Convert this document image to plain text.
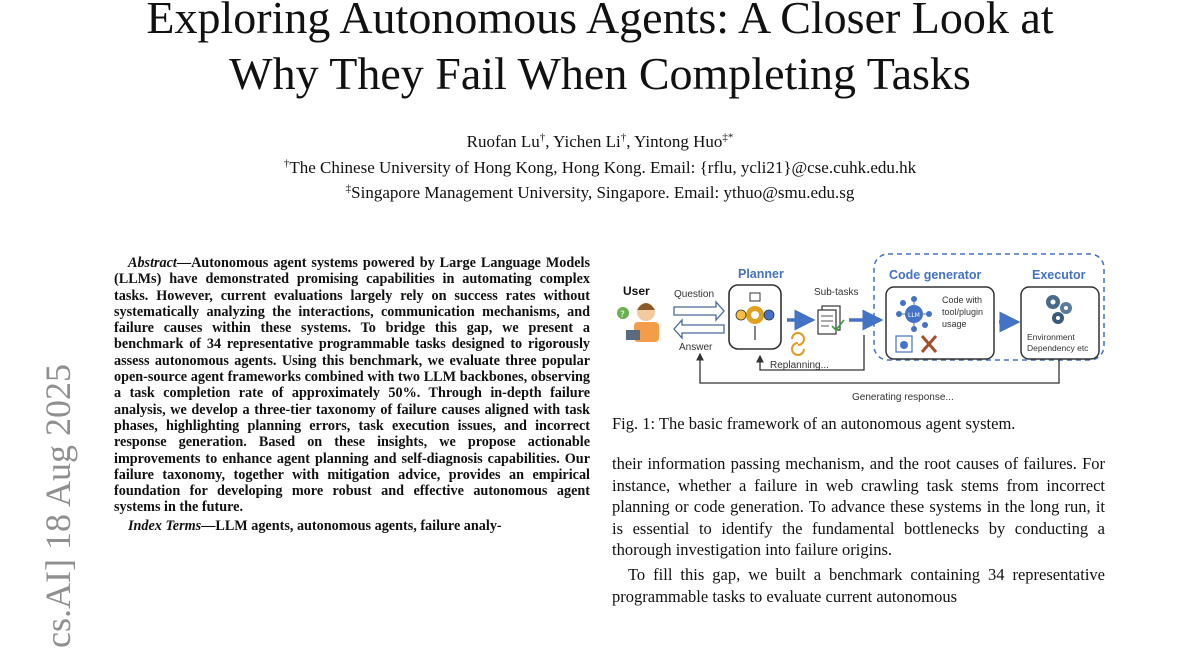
Exploring Autonomous Agents: A Closer Look at
Why They Fail When Completing Tasks
Ruofan Lu†, Yichen Li†, Yintong Huo‡*
†The Chinese University of Hong Kong, Hong Kong. Email: {rflu, ycli21}@cse.cuhk.edu.hk
‡Singapore Management University, Singapore. Email: ythuo@smu.edu.sg
cs.AI] 18 Aug 2025

Abstract—Autonomous agent systems powered by Large Language Models (LLMs) have demonstrated promising capabilities in automating complex tasks. However, current evaluations largely rely on success rates without systematically analyzing the interactions, communication mechanisms, and failure causes within these systems. To bridge this gap, we present a benchmark of 34 representative programmable tasks designed to rigorously assess autonomous agents. Using this benchmark, we evaluate three popular open-source agent frameworks combined with two LLM backbones, observing a task completion rate of approximately 50%. Through in-depth failure analysis, we develop a three-tier taxonomy of failure causes aligned with task phases, highlighting planning errors, task execution issues, and incorrect response generation. Based on these insights, we propose actionable improvements to enhance agent planning and self-diagnosis capabilities. Our failure taxonomy, together with mitigation advice, provides an empirical foundation for developing more robust and effective autonomous agent systems in the future.

Index Terms—LLM agents, autonomous agents, failure analy-

User
?
Question
Answer
Planner
Sub-tasks
Replanning...
Code generator
LLM
Code with
tool/plugin
usage
Executor
Environment
Dependency etc
Generating response...
Fig. 1: The basic framework of an autonomous agent system.

their information passing mechanism, and the root causes of failures. For instance, whether a failure in web crawling task stems from incorrect planning or code generation. To advance these systems in the long run, it is essential to identify the fundamental bottlenecks by conducting a thorough investigation into failure origins.

To fill this gap, we built a benchmark containing 34 representative programmable tasks to evaluate current autonomous
